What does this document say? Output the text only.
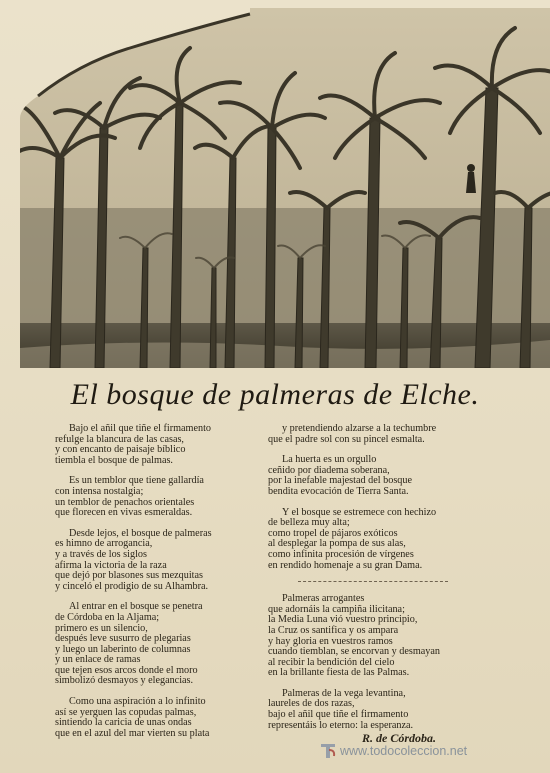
El bosque de palmeras de Elche.
Bajo el añil que tiñe el firmamento
refulge la blancura de las casas,
y con encanto de paisaje bíblico
tiembla el bosque de palmas.
Es un temblor que tiene gallardía
con intensa nostalgia;
un temblor de penachos orientales
que florecen en vivas esmeraldas.
Desde lejos, el bosque de palmeras
es himno de arrogancia,
y a través de los siglos
afirma la victoria de la raza
que dejó por blasones sus mezquitas
y cinceló el prodigio de su Alhambra.
Al entrar en el bosque se penetra
de Córdoba en la Aljama;
primero es un silencio,
después leve susurro de plegarias
y luego un laberinto de columnas
y un enlace de ramas
que tejen esos arcos donde el moro
simbolizó desmayos y elegancias.
Como una aspiración a lo infinito
así se yerguen las copudas palmas,
sintiendo la caricia de unas ondas
que en el azul del mar vierten su plata
y pretendiendo alzarse a la techumbre
que el padre sol con su pincel esmalta.
La huerta es un orgullo
ceñido por diadema soberana,
por la inefable majestad del bosque
bendita evocación de Tierra Santa.
Y el bosque se estremece con hechizo
de belleza muy alta;
como tropel de pájaros exóticos
al desplegar la pompa de sus alas,
como infinita procesión de vírgenes
en rendido homenaje a su gran Dama.
Palmeras arrogantes
que adornáis la campiña ilicitana;
la Media Luna vió vuestro principio,
la Cruz os santifica y os ampara
y hay gloria en vuestros ramos
cuando tiemblan, se encorvan y desmayan
al recibir la bendición del cielo
en la brillante fiesta de las Palmas.
Palmeras de la vega levantina,
laureles de dos razas,
bajo el añil que tiñe el firmamento
representáis lo eterno: la esperanza.
R. de Córdoba.
www.todocoleccion.net
